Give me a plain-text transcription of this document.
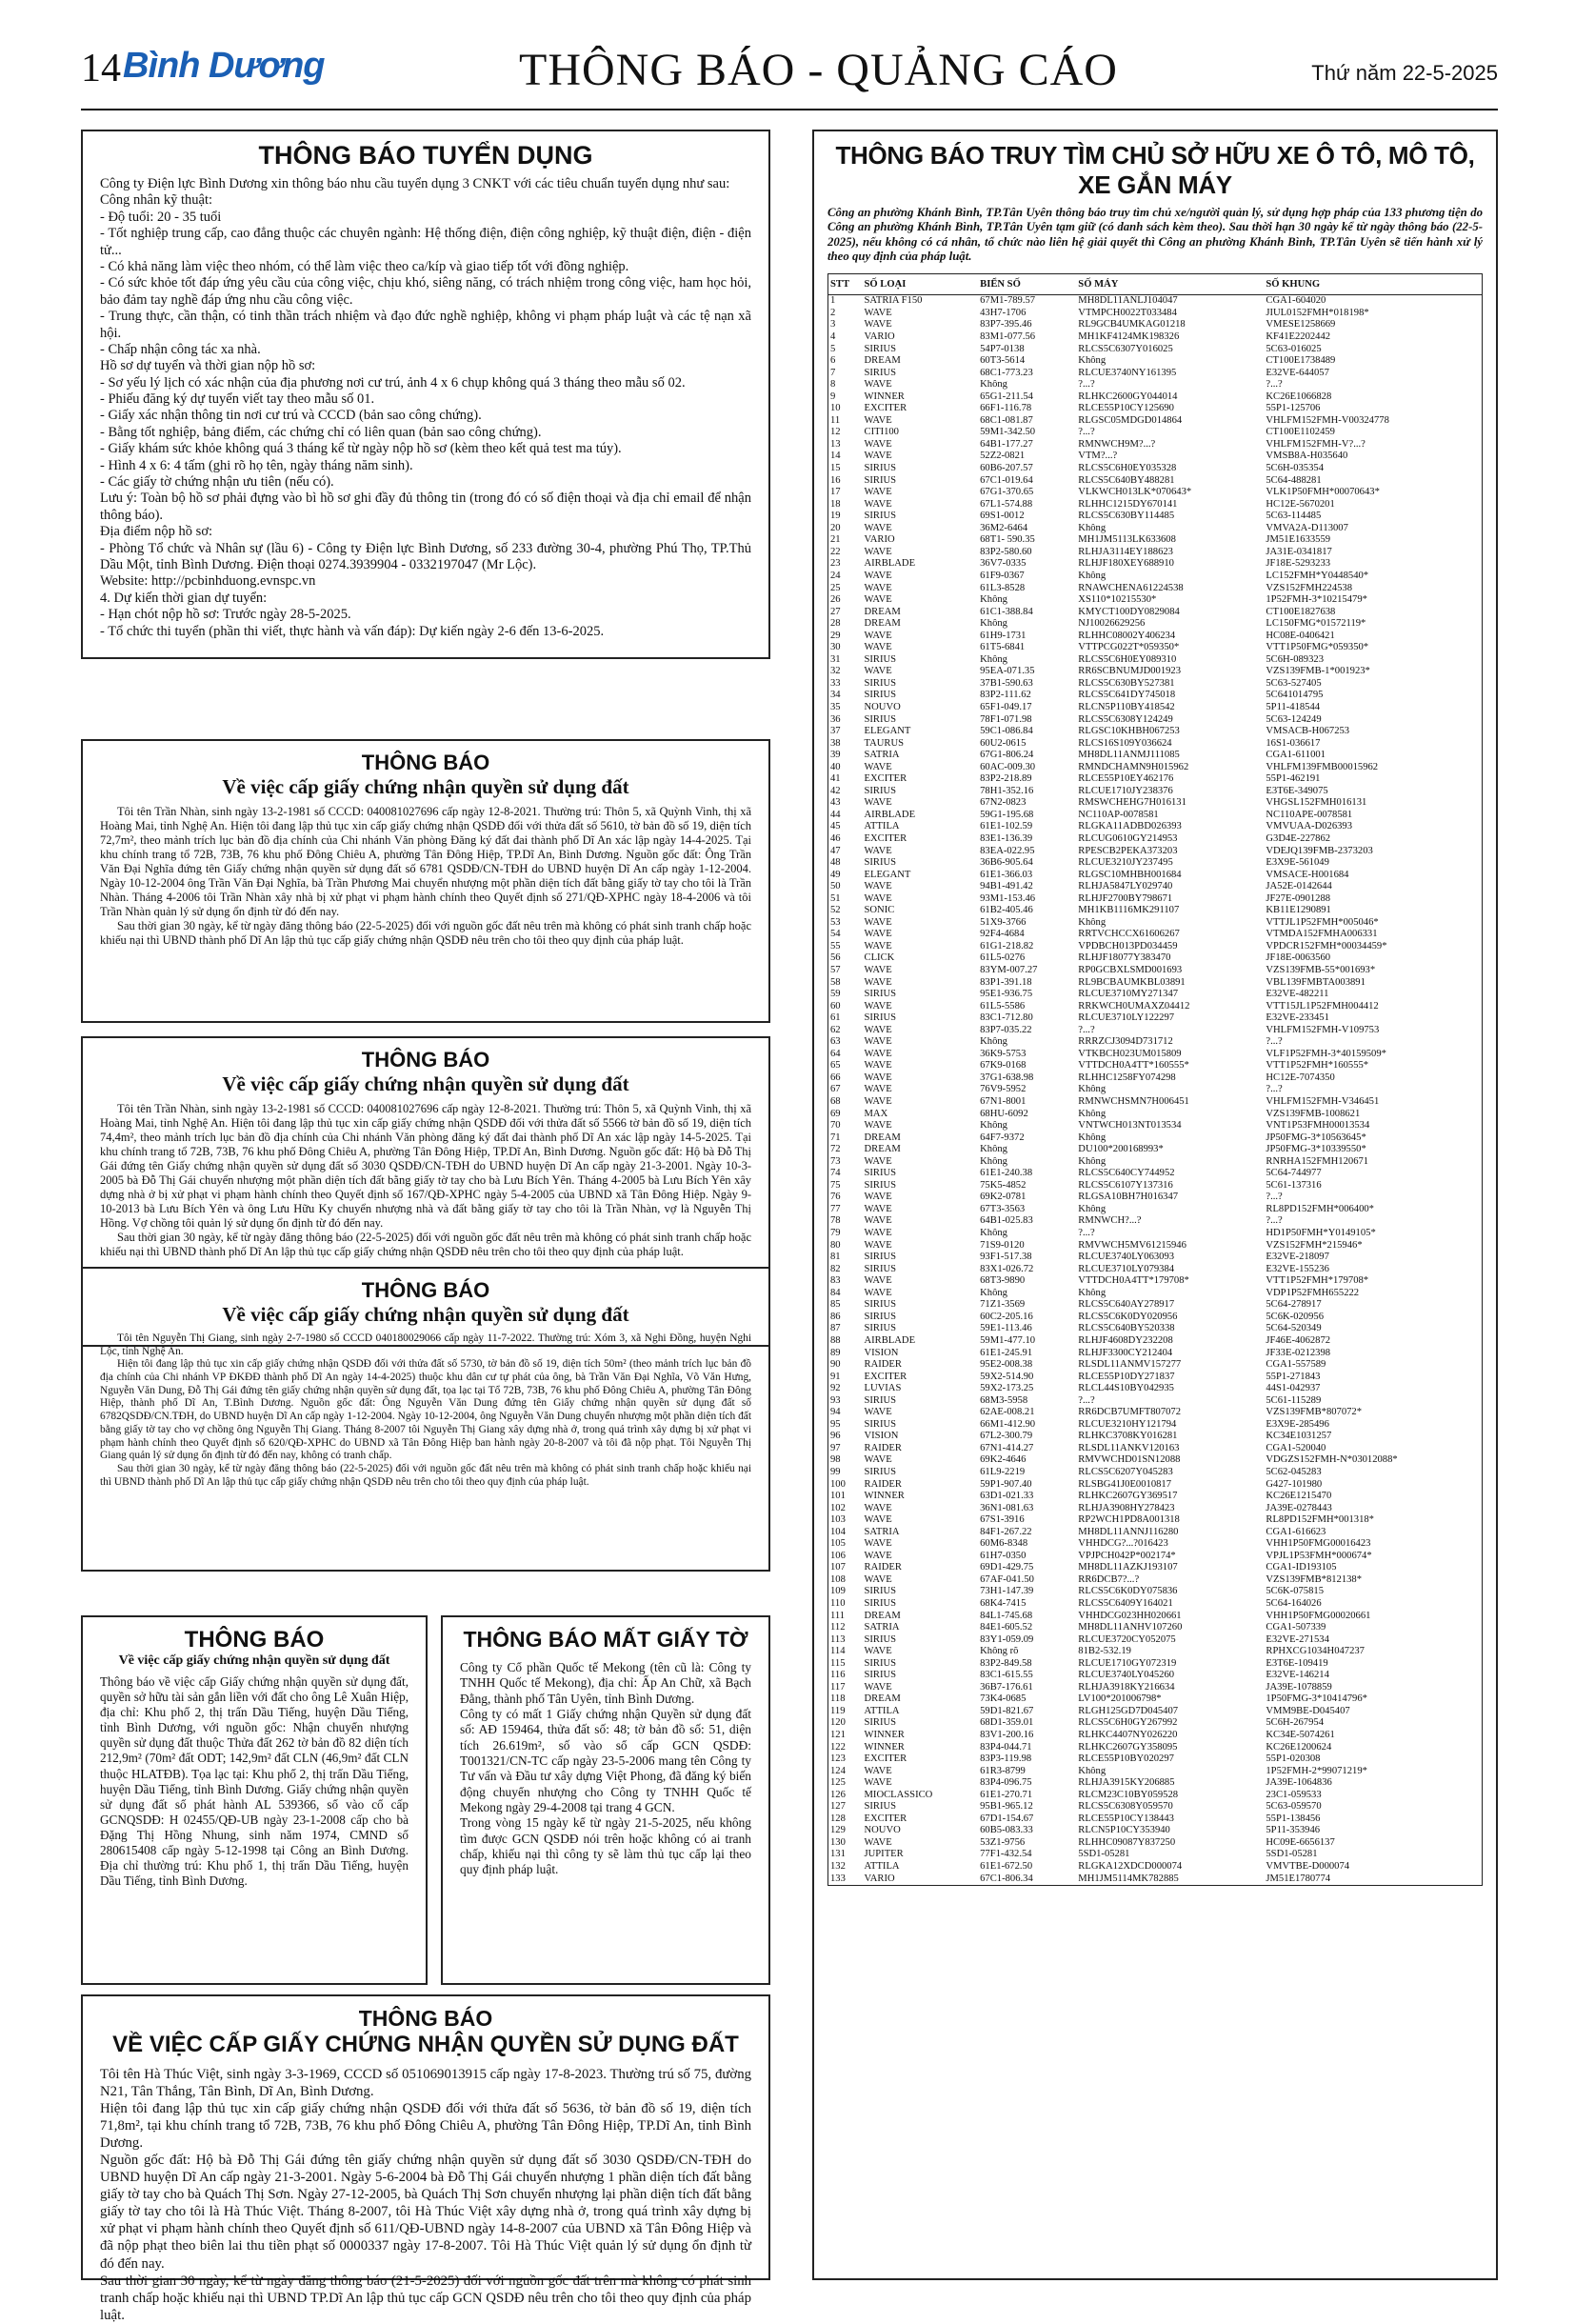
14 Bình Dương	THÔNG BÁO - QUẢNG CÁO	Thứ năm 22-5-2025
THÔNG BÁO TUYỂN DỤNG

Công ty Điện lực Bình Dương xin thông báo nhu cầu tuyển dụng 3 CNKT với các tiêu chuẩn tuyển dụng như sau:

Công nhân kỹ thuật:

- Độ tuổi: 20 - 35 tuổi

- Tốt nghiệp trung cấp, cao đẳng thuộc các chuyên ngành: Hệ thống điện, điện công nghiệp, kỹ thuật điện, điện - điện tử...

- Có khả năng làm việc theo nhóm, có thể làm việc theo ca/kíp và giao tiếp tốt với đồng nghiệp.

- Có sức khỏe tốt đáp ứng yêu cầu của công việc, chịu khó, siêng năng, có trách nhiệm trong công việc, ham học hỏi, bảo đảm tay nghề đáp ứng nhu cầu công việc.

- Trung thực, cần thận, có tinh thần trách nhiệm và đạo đức nghề nghiệp, không vi phạm pháp luật và các tệ nạn xã hội.

- Chấp nhận công tác xa nhà.

Hồ sơ dự tuyển và thời gian nộp hồ sơ:

- Sơ yếu lý lịch có xác nhận của địa phương nơi cư trú, ảnh 4 x 6 chụp không quá 3 tháng theo mẫu số 02.

- Phiếu đăng ký dự tuyển viết tay theo mẫu số 01.

- Giấy xác nhận thông tin nơi cư trú và CCCD (bản sao công chứng).

- Bằng tốt nghiệp, bảng điểm, các chứng chỉ có liên quan (bản sao công chứng).

- Giấy khám sức khỏe không quá 3 tháng kể từ ngày nộp hồ sơ (kèm theo kết quả test ma túy).

- Hình 4 x 6: 4 tấm (ghi rõ họ tên, ngày tháng năm sinh).

- Các giấy tờ chứng nhận ưu tiên (nếu có).

Lưu ý: Toàn bộ hồ sơ phải đựng vào bì hồ sơ ghi đầy đủ thông tin (trong đó có số điện thoại và địa chỉ email để nhận thông báo).

Địa điểm nộp hồ sơ:

- Phòng Tổ chức và Nhân sự (lầu 6) - Công ty Điện lực Bình Dương, số 233 đường 30-4, phường Phú Thọ, TP.Thủ Dầu Một, tỉnh Bình Dương. Điện thoại 0274.3939904 - 0332197047 (Mr Lộc).

Website: http://pcbinhduong.evnspc.vn

4. Dự kiến thời gian dự tuyển:

- Hạn chót nộp hồ sơ: Trước ngày 28-5-2025.

- Tổ chức thi tuyển (phần thi viết, thực hành và vấn đáp): Dự kiến ngày 2-6 đến 13-6-2025.

THÔNG BÁO
Về việc cấp giấy chứng nhận quyền sử dụng đất

Tôi tên Trần Nhàn, sinh ngày 13-2-1981 số CCCD: 040081027696 cấp ngày 12-8-2021. Thường trú: Thôn 5, xã Quỳnh Vinh, thị xã Hoàng Mai, tỉnh Nghệ An. Hiện tôi đang lập thủ tục xin cấp giấy chứng nhận QSDĐ đối với thửa đất số 5610, tờ bản đồ số 19, diện tích 72,7m², theo mảnh trích lục bản đồ địa chính của Chi nhánh Văn phòng Đăng ký đất đai thành phố Dĩ An xác lập ngày 14-4-2025. Tại khu chính trang tổ 72B, 73B, 76 khu phố Đông Chiêu A, phường Tân Đông Hiệp, TP.Dĩ An, Bình Dương. Nguồn gốc đất: Ông Trần Văn Đại Nghĩa đứng tên Giấy chứng nhận quyền sử dụng đất số 6781 QSDĐ/CN-TĐH do UBND huyện Dĩ An cấp ngày 1-12-2004. Ngày 10-12-2004 ông Trần Văn Đại Nghĩa, bà Trần Phương Mai chuyển nhượng một phần diện tích đất bằng giấy tờ tay cho tôi là Trần Nhàn. Tháng 4-2006 tôi Trần Nhàn xây nhà bị xử phạt vi phạm hành chính theo Quyết định số 271/QĐ-XPHC ngày 18-4-2006 và tôi Trần Nhàn quản lý sử dụng ổn định từ đó đến nay.

Sau thời gian 30 ngày, kể từ ngày đăng thông báo (22-5-2025) đối với nguồn gốc đất nêu trên mà không có phát sinh tranh chấp hoặc khiếu nại thì UBND thành phố Dĩ An lập thủ tục cấp giấy chứng nhận QSDĐ nêu trên cho tôi theo quy định của pháp luật.

THÔNG BÁO
Về việc cấp giấy chứng nhận quyền sử dụng đất

Tôi tên Trần Nhàn, sinh ngày 13-2-1981 số CCCD: 040081027696 cấp ngày 12-8-2021. Thường trú: Thôn 5, xã Quỳnh Vinh, thị xã Hoàng Mai, tỉnh Nghệ An. Hiện tôi đang lập thủ tục xin cấp giấy chứng nhận QSDĐ đối với thửa đất số 5566 tờ bản đồ số 19, diện tích 74,4m², theo mảnh trích lục bản đồ địa chính của Chi nhánh Văn phòng đăng ký đất đai thành phố Dĩ An xác lập ngày 14-5-2025. Tại khu chính trang tổ 72B, 73B, 76 khu phố Đông Chiêu A, phường Tân Đông Hiệp, TP.Dĩ An, Bình Dương. Nguồn gốc đất: Hộ bà Đỗ Thị Gái đứng tên Giấy chứng nhận quyền sử dụng đất số 3030 QSDĐ/CN-TĐH do UBND huyện Dĩ An cấp ngày 21-3-2001. Ngày 10-3-2005 bà Đỗ Thị Gái chuyển nhượng một phần diện tích đất bằng giấy tờ tay cho bà Lưu Bích Yên. Tháng 4-2005 bà Lưu Bích Yên xây dựng nhà ở bị xử phạt vi phạm hành chính theo Quyết định số 167/QĐ-XPHC ngày 5-4-2005 của UBND xã Tân Đông Hiệp. Ngày 9-10-2013 bà Lưu Bích Yên và ông Lưu Hữu Ky chuyển nhượng nhà và đất bằng giấy tờ tay cho tôi là Trần Nhàn, vợ là Nguyễn Thị Hồng. Vợ chồng tôi quản lý sử dụng ổn định từ đó đến nay.

Sau thời gian 30 ngày, kể từ ngày đăng thông báo (22-5-2025) đối với nguồn gốc đất nêu trên mà không có phát sinh tranh chấp hoặc khiếu nại thì UBND thành phố Dĩ An lập thủ tục cấp giấy chứng nhận QSDĐ nêu trên cho tôi theo quy định của pháp luật.

THÔNG BÁO
Về việc cấp giấy chứng nhận quyền sử dụng đất

Tôi tên Nguyễn Thị Giang, sinh ngày 2-7-1980 số CCCD 040180029066 cấp ngày 11-7-2022. Thường trú: Xóm 3, xã Nghi Đồng, huyện Nghi Lộc, tỉnh Nghệ An.

Hiện tôi đang lập thủ tục xin cấp giấy chứng nhận QSDĐ đối với thửa đất số 5730, tờ bản đồ số 19, diện tích 50m² (theo mảnh trích lục bản đồ địa chính của Chi nhánh VP ĐKĐĐ thành phố Dĩ An ngày 14-4-2025) thuộc khu dân cư tự phát của ông, bà Trần Văn Đại Nghĩa, Võ Văn Hưng, Nguyễn Văn Dung, Đỗ Thị Gái đứng tên giấy chứng nhận quyền sử dụng đất, tọa lạc tại Tổ 72B, 73B, 76 khu phố Đông Chiêu A, phường Tân Đông Hiệp, thành phố Dĩ An, T.Bình Dương. Nguồn gốc đất: Ông Nguyễn Văn Dung đứng tên Giấy chứng nhận quyền sử dụng đất số 6782QSDĐ/CN.TĐH, do UBND huyện Dĩ An cấp ngày 1-12-2004. Ngày 10-12-2004, ông Nguyễn Văn Dung chuyển nhượng một phần diện tích đất bằng giấy tờ tay cho vợ chồng ông Nguyễn Thị Giang. Tháng 8-2007 tôi Nguyễn Thị Giang xây dựng nhà ở, trong quá trình xây dựng bị xử phạt vi phạm hành chính theo Quyết định số 620/QĐ-XPHC do UBND xã Tân Đông Hiệp ban hành ngày 20-8-2007 và tôi đã nộp phạt. Tôi Nguyễn Thị Giang quản lý sử dụng ổn định từ đó đến nay, không có tranh chấp.

Sau thời gian 30 ngày, kể từ ngày đăng thông báo (22-5-2025) đối với nguồn gốc đất nêu trên mà không có phát sinh tranh chấp hoặc khiếu nại thì UBND thành phố Dĩ An lập thủ tục cấp giấy chứng nhận QSDĐ nêu trên cho tôi theo quy định của pháp luật.

THÔNG BÁO
Về việc cấp giấy chứng nhận quyền sử dụng đất

Thông báo về việc cấp Giấy chứng nhận quyền sử dụng đất, quyền sở hữu tài sản gắn liền với đất cho ông Lê Xuân Hiệp, địa chỉ: Khu phố 2, thị trấn Dầu Tiếng, huyện Dầu Tiếng, tỉnh Bình Dương, với nguồn gốc: Nhận chuyển nhượng quyền sử dụng đất thuộc Thửa đất 262 tờ bản đồ 82 diện tích 212,9m² (70m² đất ODT; 142,9m² đất CLN (46,9m² đất CLN thuộc HLATĐB). Tọa lạc tại: Khu phố 2, thị trấn Dầu Tiếng, huyện Dầu Tiếng, tỉnh Bình Dương. Giấy chứng nhận quyền sử dụng đất số phát hành AL 539366, số vào cổ cấp GCNQSDĐ: H 02455/QĐ-UB ngày 23-1-2008 cấp cho bà Đặng Thị Hồng Nhung, sinh năm 1974, CMND số 280615408 cấp ngày 5-12-1998 tại Công an Bình Dương. Địa chỉ thường trú: Khu phố 1, thị trấn Dầu Tiếng, huyện Dầu Tiếng, tỉnh Bình Dương.

THÔNG BÁO MẤT GIẤY TỜ

Công ty Cổ phần Quốc tế Mekong (tên cũ là: Công ty TNHH Quốc tế Mekong), địa chỉ: Ấp An Chữ, xã Bạch Đằng, thành phố Tân Uyên, tỉnh Bình Dương.

Công ty có mất 1 Giấy chứng nhận Quyền sử dụng đất số: AĐ 159464, thửa đất số: 48; tờ bản đồ số: 51, diện tích 26.619m², số vào sổ cấp GCN QSDĐ: T001321/CN-TC cấp ngày 23-5-2006 mang tên Công ty Tư vấn và Đầu tư xây dựng Việt Phong, đã đăng ký biến động chuyển nhượng cho Công ty TNHH Quốc tế Mekong ngày 29-4-2008 tại trang 4 GCN.

Trong vòng 15 ngày kể từ ngày 21-5-2025, nếu không tìm được GCN QSDĐ nói trên hoặc không có ai tranh chấp, khiếu nại thì công ty sẽ làm thủ tục cấp lại theo quy định pháp luật.

THÔNG BÁO
VỀ VIỆC CẤP GIẤY CHỨNG NHẬN QUYỀN SỬ DỤNG ĐẤT

Tôi tên Hà Thúc Việt, sinh ngày 3-3-1969, CCCD số 051069013915 cấp ngày 17-8-2023. Thường trú số 75, đường N21, Tân Thắng, Tân Bình, Dĩ An, Bình Dương.

Hiện tôi đang lập thủ tục xin cấp giấy chứng nhận QSDĐ đối với thửa đất số 5636, tờ bản đồ số 19, diện tích 71,8m², tại khu chính trang tổ 72B, 73B, 76 khu phố Đông Chiêu A, phường Tân Đông Hiệp, TP.Dĩ An, tỉnh Bình Dương.

Nguồn gốc đất: Hộ bà Đỗ Thị Gái đứng tên giấy chứng nhận quyền sử dụng đất số 3030 QSDĐ/CN-TĐH do UBND huyện Dĩ An cấp ngày 21-3-2001. Ngày 5-6-2004 bà Đỗ Thị Gái chuyển nhượng 1 phần diện tích đất bằng giấy tờ tay cho bà Quách Thị Sơn. Ngày 27-12-2005, bà Quách Thị Sơn chuyển nhượng lại phần diện tích đất bằng giấy tờ tay cho tôi là Hà Thúc Việt. Tháng 8-2007, tôi Hà Thúc Việt xây dựng nhà ở, trong quá trình xây dựng bị xử phạt vi phạm hành chính theo Quyết định số 611/QĐ-UBND ngày 14-8-2007 của UBND xã Tân Đông Hiệp và đã nộp phạt theo biên lai thu tiền phạt số 0000337 ngày 17-8-2007. Tôi Hà Thúc Việt quản lý sử dụng ổn định từ đó đến nay.

Sau thời gian 30 ngày, kể từ ngày đăng thông báo (21-5-2025) đối với nguồn gốc đất trên mà không có phát sinh tranh chấp hoặc khiếu nại thì UBND TP.Dĩ An lập thủ tục cấp GCN QSDĐ nêu trên cho tôi theo quy định của pháp luật.

THÔNG BÁO TRUY TÌM CHỦ SỞ HỮU XE Ô TÔ, MÔ TÔ, XE GẮN MÁY
Công an phường Khánh Bình, TP.Tân Uyên thông báo truy tìm chủ xe/người quản lý, sử dụng hợp pháp của 133 phương tiện do Công an phường Khánh Bình, TP.Tân Uyên tạm giữ (có danh sách kèm theo). Sau thời hạn 30 ngày kể từ ngày thông báo (22-5-2025), nếu không có cá nhân, tổ chức nào liên hệ giải quyết thì Công an phường Khánh Bình, TP.Tân Uyên sẽ tiến hành xử lý theo quy định của pháp luật.
STT	SỐ LOẠI	BIỂN SỐ	SỐ MÁY	SỐ KHUNG
1	SATRIA F150	67M1-789.57	MH8DL11ANLJ104047	CGA1-604020
2	WAVE	43H7-1706	VTMPCH0022T033484	JIUL0152FMH*018198*
3	WAVE	83P7-395.46	RL9GCB4UMKAG01218	VMESE1258669
4	VARIO	83M1-077.56	MH1KF4124MK198326	KF41E2202442
5	SIRIUS	54P7-0138	RLCS5C6307Y016025	5C63-016025
6	DREAM	60T3-5614	Không	CT100E1738489
7	SIRIUS	68C1-773.23	RLCUE3740NY161395	E32VE-644057
8	WAVE	Không	?...?	?...?
9	WINNER	65G1-211.54	RLHKC2600GY044014	KC26E1066828
10	EXCITER	66F1-116.78	RLCE55P10CY125690	55P1-125706
11	WAVE	68C1-081.87	RLGSC05MDGD014864	VHLFM152FMH-V00324778
12	CITI100	59M1-342.50	?...?	CT100E1102459
13	WAVE	64B1-177.27	RMNWCH9M?...?	VHLFM152FMH-V?...?
14	WAVE	52Z2-0821	VTM?...?	VMSB8A-H035640
15	SIRIUS	60B6-207.57	RLCS5C6H0EY035328	5C6H-035354
16	SIRIUS	67C1-019.64	RLCS5C640BY488281	5C64-488281
17	WAVE	67G1-370.65	VLKWCH013LK*070643*	VLK1P50FMH*00070643*
18	WAVE	67L1-574.88	RLHHC1215DY670141	HC12E-5670201
19	SIRIUS	69S1-0012	RLCS5C630BY114485	5C63-114485
20	WAVE	36M2-6464	Không	VMVA2A-D113007
21	VARIO	68T1- 590.35	MH1JM5113LK633608	JM51E1633559
22	WAVE	83P2-580.60	RLHJA3114EY188623	JA31E-0341817
23	AIRBLADE	36V7-0335	RLHJF180XEY688910	JF18E-5293233
24	WAVE	61F9-0367	Không	LC152FMH*Y0448540*
25	WAVE	61L3-8528	RNAWCHENA61224538	VZS152FMH224538
26	WAVE	Không	XS110*10215530*	1P52FMH-3*10215479*
27	DREAM	61C1-388.84	KMYCT100DY0829084	CT100E1827638
28	DREAM	Không	NJ10026629256	LC150FMG*01572119*
29	WAVE	61H9-1731	RLHHC08002Y406234	HC08E-0406421
30	WAVE	61T5-6841	VTTPCG022T*059350*	VTT1P50FMG*059350*
31	SIRIUS	Không	RLCS5C6H0EY089310	5C6H-089323
32	WAVE	95EA-071.35	RR6SCBNUMJD001923	VZS139FMB-1*001923*
33	SIRIUS	37B1-590.63	RLCS5C630BY527381	5C63-527405
34	SIRIUS	83P2-111.62	RLCS5C641DY745018	5C641014795
35	NOUVO	65F1-049.17	RLCN5P110BY418542	5P11-418544
36	SIRIUS	78F1-071.98	RLCS5C6308Y124249	5C63-124249
37	ELEGANT	59C1-086.84	RLGSC10KHBH067253	VMSACB-H067253
38	TAURUS	60U2-0615	RLCS16S109Y036624	16S1-036617
39	SATRIA	67G1-806.24	MH8DL11ANMJ111085	CGA1-611001
40	WAVE	60AC-009.30	RMNDCHAMN9H015962	VHLFM139FMB00015962
41	EXCITER	83P2-218.89	RLCE55P10EY462176	55P1-462191
42	SIRIUS	78H1-352.16	RLCUE1710JY238376	E3T6E-349075
43	WAVE	67N2-0823	RMSWCHEHG7H016131	VHGSL152FMH016131
44	AIRBLADE	59G1-195.68	NC110AP-0078581	NC110APE-0078581
45	ATTILA	61E1-102.59	RLGKA11ADBD026393	VMVUAA-D026393
46	EXCITER	83E1-136.39	RLCUG0610GY214953	G3D4E-227862
47	WAVE	83EA-022.95	RPESCB2PEKA373203	VDEJQ139FMB-2373203
48	SIRIUS	36B6-905.64	RLCUE3210JY237495	E3X9E-561049
49	ELEGANT	61E1-366.03	RLGSC10MHBH001684	VMSACE-H001684
50	WAVE	94B1-491.42	RLHJA5847LY029740	JA52E-0142644
51	WAVE	93M1-153.46	RLHJF2700BY798671	JF27E-0901288
52	SONIC	61B2-405.46	MH1KB1116MK291107	KB11E1290891
53	WAVE	51X9-3766	Không	VTTJL1P52FMH*005046*
54	WAVE	92F4-4684	RRTVCHCCX61606267	VTMDA152FMHA006331
55	WAVE	61G1-218.82	VPDBCH013PD034459	VPDCR152FMH*00034459*
56	CLICK	61L5-0276	RLHJF18077Y383470	JF18E-0063560
57	WAVE	83YM-007.27	RP0GCBXLSMD001693	VZS139FMB-55*001693*
58	WAVE	83P1-391.18	RL9BCBAUMKBL03891	VBL139FMBTA003891
59	SIRIUS	95E1-936.75	RLCUE3710MY271347	E32VE-482211
60	WAVE	61L5-5586	RRKWCH0UMAXZ04412	VTT15JL1P52FMH004412
61	SIRIUS	83C1-712.80	RLCUE3710LY122297	E32VE-233451
62	WAVE	83P7-035.22	?...?	VHLFM152FMH-V109753
63	WAVE	Không	RRRZCJ3094D731712	?...?
64	WAVE	36K9-5753	VTKBCH023UM015809	VLF1P52FMH-3*40159509*
65	WAVE	67K9-0168	VTTDCH0A4TT*160555*	VTT1P52FMH*160555*
66	WAVE	37G1-638.98	RLHHC1258FY074298	HC12E-7074350
67	WAVE	76V9-5952	Không	?...?
68	WAVE	67N1-8001	RMNWCHSMN7H006451	VHLFM152FMH-V346451
69	MAX	68HU-6092	Không	VZS139FMB-1008621
70	WAVE	Không	VNTWCH013NT013534	VNT1P53FMH00013534
71	DREAM	64F7-9372	Không	JP50FMG-3*10563645*
72	DREAM	Không	DU100*200168993*	JP50FMG-3*10339550*
73	WAVE	Không	Không	RNRHA152FMH120671
74	SIRIUS	61E1-240.38	RLCS5C640CY744952	5C64-744977
75	SIRIUS	75K5-4852	RLCS5C6107Y137316	5C61-137316
76	WAVE	69K2-0781	RLGSA10BH7H016347	?...?
77	WAVE	67T3-3563	Không	RL8PD152FMH*006400*
78	WAVE	64B1-025.83	RMNWCH?...?	?...?
79	WAVE	Không	?...?	HD1P50FMH*Y0149105*
80	WAVE	71S9-0120	RMVWCH5MV61215946	VZS152FMH*215946*
81	SIRIUS	93F1-517.38	RLCUE3740LY063093	E32VE-218097
82	SIRIUS	83X1-026.72	RLCUE3710LY079384	E32VE-155236
83	WAVE	68T3-9890	VTTDCH0A4TT*179708*	VTT1P52FMH*179708*
84	WAVE	Không	Không	VDP1P52FMH655222
85	SIRIUS	71Z1-3569	RLCS5C640AY278917	5C64-278917
86	SIRIUS	60C2-205.16	RLCS5C6K0DY020956	5C6K-020956
87	SIRIUS	59E1-113.46	RLCS5C640BY520338	5C64-520349
88	AIRBLADE	59M1-477.10	RLHJF4608DY232208	JF46E-4062872
89	VISION	61E1-245.91	RLHJF3300CY212404	JF33E-0212398
90	RAIDER	95E2-008.38	RLSDL11ANMV157277	CGA1-557589
91	EXCITER	59X2-514.90	RLCE55P10DY271837	55P1-271843
92	LUVIAS	59X2-173.25	RLCL44S10BY042935	44S1-042937
93	SIRIUS	68M3-5958	?...?	5C61-115289
94	WAVE	62AE-008.21	RR6DCB7UMFT807072	VZS139FMB*807072*
95	SIRIUS	66M1-412.90	RLCUE3210HY121794	E3X9E-285496
96	VISION	67L2-300.79	RLHKC3708KY016281	KC34E1031257
97	RAIDER	67N1-414.27	RLSDL11ANKV120163	CGA1-520040
98	WAVE	69K2-4646	RMVWCHD01SN12088	VDGZS152FMH-N*03012088*
99	SIRIUS	61L9-2219	RLCS5C6207Y045283	5C62-045283
100	RAIDER	59P1-907.40	RLSBG41J0E0010817	G427-101980
101	WINNER	63D1-021.33	RLHKC2607GY369517	KC26E1215470
102	WAVE	36N1-081.63	RLHJA3908HY278423	JA39E-0278443
103	WAVE	67S1-3916	RP2WCH1PD8A001318	RL8PD152FMH*001318*
104	SATRIA	84F1-267.22	MH8DL11ANNJ116280	CGA1-616623
105	WAVE	60M6-8348	VHHDCG?...?016423	VHH1P50FMG00016423
106	WAVE	61H7-0350	VPJPCH042P*002174*	VPJL1P53FMH*000674*
107	RAIDER	69D1-429.75	MH8DL11AZKJ193107	CGA1-ID193105
108	WAVE	67AF-041.50	RR6DCB7?...?	VZS139FMB*812138*
109	SIRIUS	73H1-147.39	RLCS5C6K0DY075836	5C6K-075815
110	SIRIUS	68K4-7415	RLCS5C6409Y164021	5C64-164026
111	DREAM	84L1-745.68	VHHDCG023HH020661	VHH1P50FMG00020661
112	SATRIA	84E1-605.52	MH8DL11ANHV107260	CGA1-507339
113	SIRIUS	83Y1-059.09	RLCUE3720CY052075	E32VE-271534
114	WAVE	Không rõ	81B2-532.19	RPHXCG1034H047237
115	SIRIUS	83P2-849.58	RLCUE1710GY072319	E3T6E-109419
116	SIRIUS	83C1-615.55	RLCUE3740LY045260	E32VE-146214
117	WAVE	36B7-176.61	RLHJA3918KY216634	JA39E-1078859
118	DREAM	73K4-0685	LV100*201006798*	1P50FMG-3*10414796*
119	ATTILA	59D1-821.67	RLGH125GD7D045407	VMM9BE-D045407
120	SIRIUS	68D1-359.01	RLCS5C6H0GY267992	5C6H-267954
121	WINNER	83V1-200.16	RLHKC4407NY026220	KC34E-5074261
122	WINNER	83P4-044.71	RLHKC2607GY358095	KC26E1200624
123	EXCITER	83P3-119.98	RLCE55P10BY020297	55P1-020308
124	WAVE	61R3-8799	Không	1P52FMH-2*99071219*
125	WAVE	83P4-096.75	RLHJA3915KY206885	JA39E-1064836
126	MIOCLASSICO	61E1-270.71	RLCM23C10BY059528	23C1-059533
127	SIRIUS	95B1-965.12	RLCS5C6308Y059570	5C63-059570
128	EXCITER	67D1-154.67	RLCE55P10CY138443	55P1-138456
129	NOUVO	60B5-083.33	RLCN5P10CY353940	5P11-353946
130	WAVE	53Z1-9756	RLHHC09087Y837250	HC09E-6656137
131	JUPITER	77F1-432.54	5SD1-05281	5SD1-05281
132	ATTILA	61E1-672.50	RLGKA12XDCD000074	VMVTBE-D000074
133	VARIO	67C1-806.34	MH1JM5114MK782885	JM51E1780774
